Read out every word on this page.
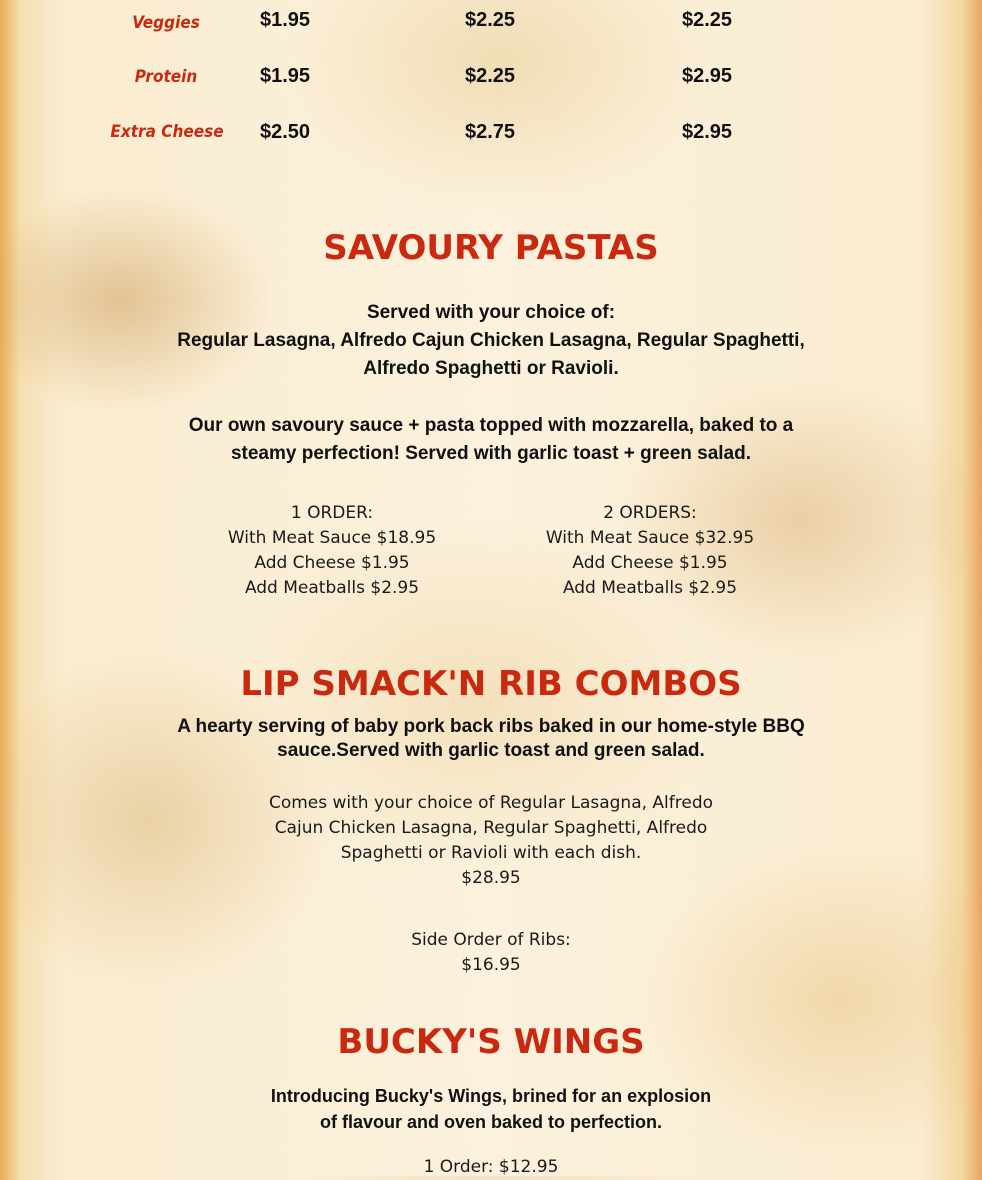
Veggies	$1.95	$2.25	$2.25
Protein	$1.95	$2.25	$2.95
Extra Cheese	$2.50	$2.75	$2.95
SAVOURY PASTAS
Served with your choice of:
Regular Lasagna, Alfredo Cajun Chicken Lasagna, Regular Spaghetti,
Alfredo Spaghetti or Ravioli.
Our own savoury sauce + pasta topped with mozzarella, baked to a
steamy perfection! Served with garlic toast + green salad.
1 ORDER:
With Meat Sauce $18.95
Add Cheese $1.95
Add Meatballs $2.95
2 ORDERS:
With Meat Sauce $32.95
Add Cheese $1.95
Add Meatballs $2.95
LIP SMACK'N RIB COMBOS
A hearty serving of baby pork back ribs baked in our home-style BBQ
sauce.Served with garlic toast and green salad.
Comes with your choice of Regular Lasagna, Alfredo
Cajun Chicken Lasagna, Regular Spaghetti, Alfredo
Spaghetti or Ravioli with each dish.
$28.95
Side Order of Ribs:
$16.95
BUCKY'S WINGS
Introducing Bucky's Wings, brined for an explosion
of flavour and oven baked to perfection.
1 Order: $12.95
